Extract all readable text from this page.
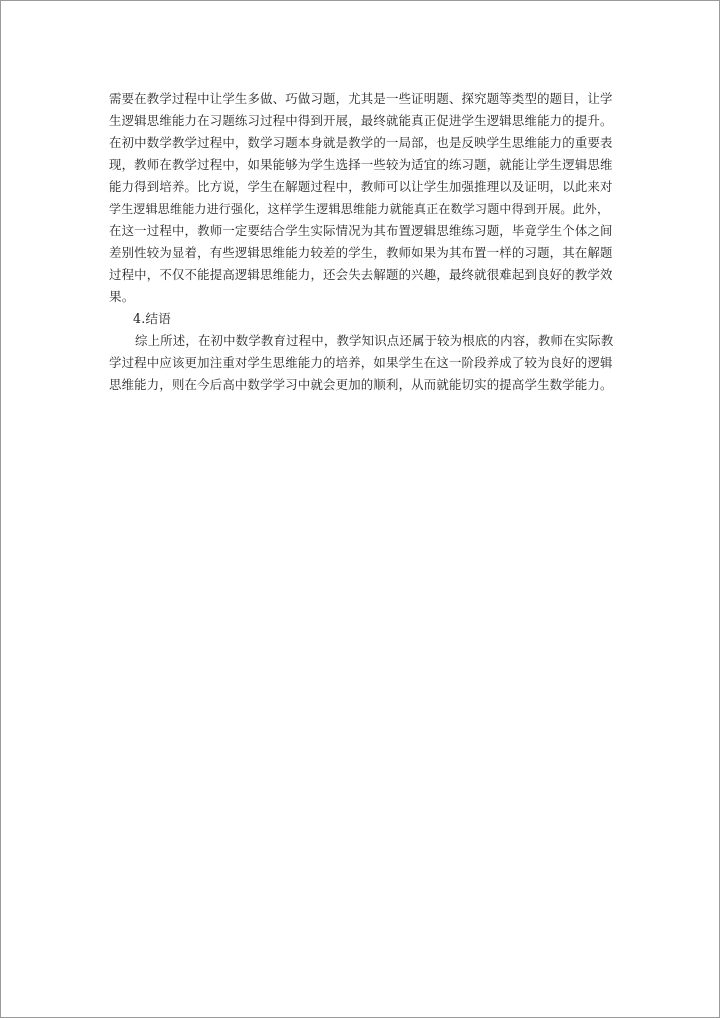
需要在教学过程中让学生多做、巧做习题，尤其是一些证明题、探究题等类型的题目，让学
生逻辑思维能力在习题练习过程中得到开展，最终就能真正促进学生逻辑思维能力的提升。
在初中数学教学过程中，数学习题本身就是教学的一局部，也是反映学生思维能力的重要表
现，教师在教学过程中，如果能够为学生选择一些较为适宜的练习题，就能让学生逻辑思维
能力得到培养。比方说，学生在解题过程中，教师可以让学生加强推理以及证明，以此来对
学生逻辑思维能力进行强化，这样学生逻辑思维能力就能真正在数学习题中得到开展。此外，
在这一过程中，教师一定要结合学生实际情况为其布置逻辑思维练习题，毕竟学生个体之间
差别性较为显着，有些逻辑思维能力较差的学生，教师如果为其布置一样的习题，其在解题
过程中，不仅不能提高逻辑思维能力，还会失去解题的兴趣，最终就很难起到良好的教学效
果。
4.结语
综上所述，在初中数学教育过程中，教学知识点还属于较为根底的内容，教师在实际教
学过程中应该更加注重对学生思维能力的培养，如果学生在这一阶段养成了较为良好的逻辑
思维能力，则在今后高中数学学习中就会更加的顺利，从而就能切实的提高学生数学能力。
